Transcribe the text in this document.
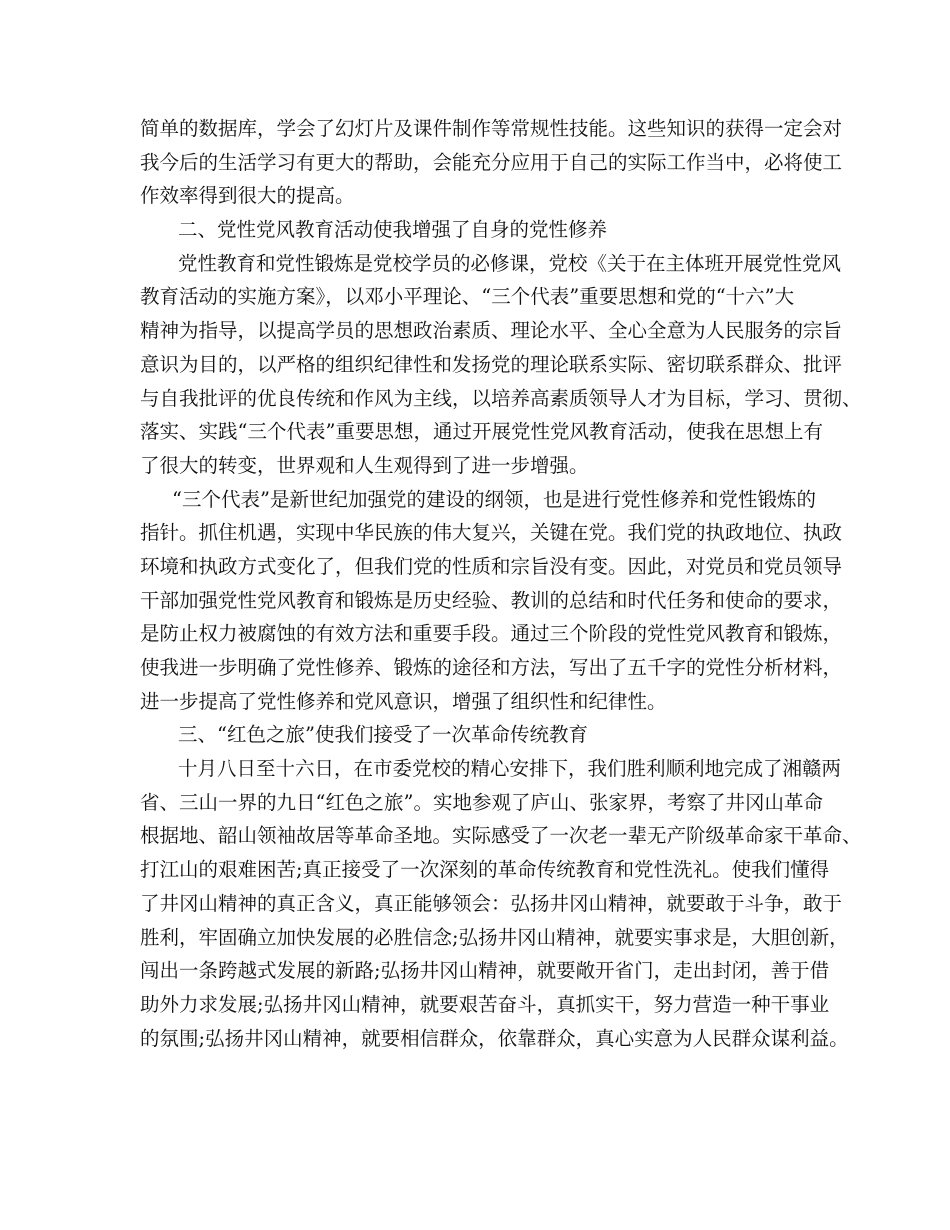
简单的数据库，学会了幻灯片及课件制作等常规性技能。这些知识的获得一定会对
我今后的生活学习有更大的帮助，会能充分应用于自己的实际工作当中，必将使工
作效率得到很大的提高。
二、党性党风教育活动使我增强了自身的党性修养
党性教育和党性锻炼是党校学员的必修课，党校《关于在主体班开展党性党风
教育活动的实施方案》，以邓小平理论、“三个代表”重要思想和党的“十六”大
精神为指导，以提高学员的思想政治素质、理论水平、全心全意为人民服务的宗旨
意识为目的，以严格的组织纪律性和发扬党的理论联系实际、密切联系群众、批评
与自我批评的优良传统和作风为主线，以培养高素质领导人才为目标，学习、贯彻、
落实、实践“三个代表”重要思想，通过开展党性党风教育活动，使我在思想上有
了很大的转变，世界观和人生观得到了进一步增强。
“三个代表”是新世纪加强党的建设的纲领，也是进行党性修养和党性锻炼的
指针。抓住机遇，实现中华民族的伟大复兴，关键在党。我们党的执政地位、执政
环境和执政方式变化了，但我们党的性质和宗旨没有变。因此，对党员和党员领导
干部加强党性党风教育和锻炼是历史经验、教训的总结和时代任务和使命的要求，
是防止权力被腐蚀的有效方法和重要手段。通过三个阶段的党性党风教育和锻炼，
使我进一步明确了党性修养、锻炼的途径和方法，写出了五千字的党性分析材料，
进一步提高了党性修养和党风意识，增强了组织性和纪律性。
三、“红色之旅”使我们接受了一次革命传统教育
十月八日至十六日，在市委党校的精心安排下，我们胜利顺利地完成了湘赣两
省、三山一界的九日“红色之旅”。实地参观了庐山、张家界，考察了井冈山革命
根据地、韶山领袖故居等革命圣地。实际感受了一次老一辈无产阶级革命家干革命、
打江山的艰难困苦;真正接受了一次深刻的革命传统教育和党性洗礼。使我们懂得
了井冈山精神的真正含义，真正能够领会：弘扬井冈山精神，就要敢于斗争，敢于
胜利，牢固确立加快发展的必胜信念;弘扬井冈山精神，就要实事求是，大胆创新，
闯出一条跨越式发展的新路;弘扬井冈山精神，就要敞开省门，走出封闭，善于借
助外力求发展;弘扬井冈山精神，就要艰苦奋斗，真抓实干，努力营造一种干事业
的氛围;弘扬井冈山精神，就要相信群众，依靠群众，真心实意为人民群众谋利益。
